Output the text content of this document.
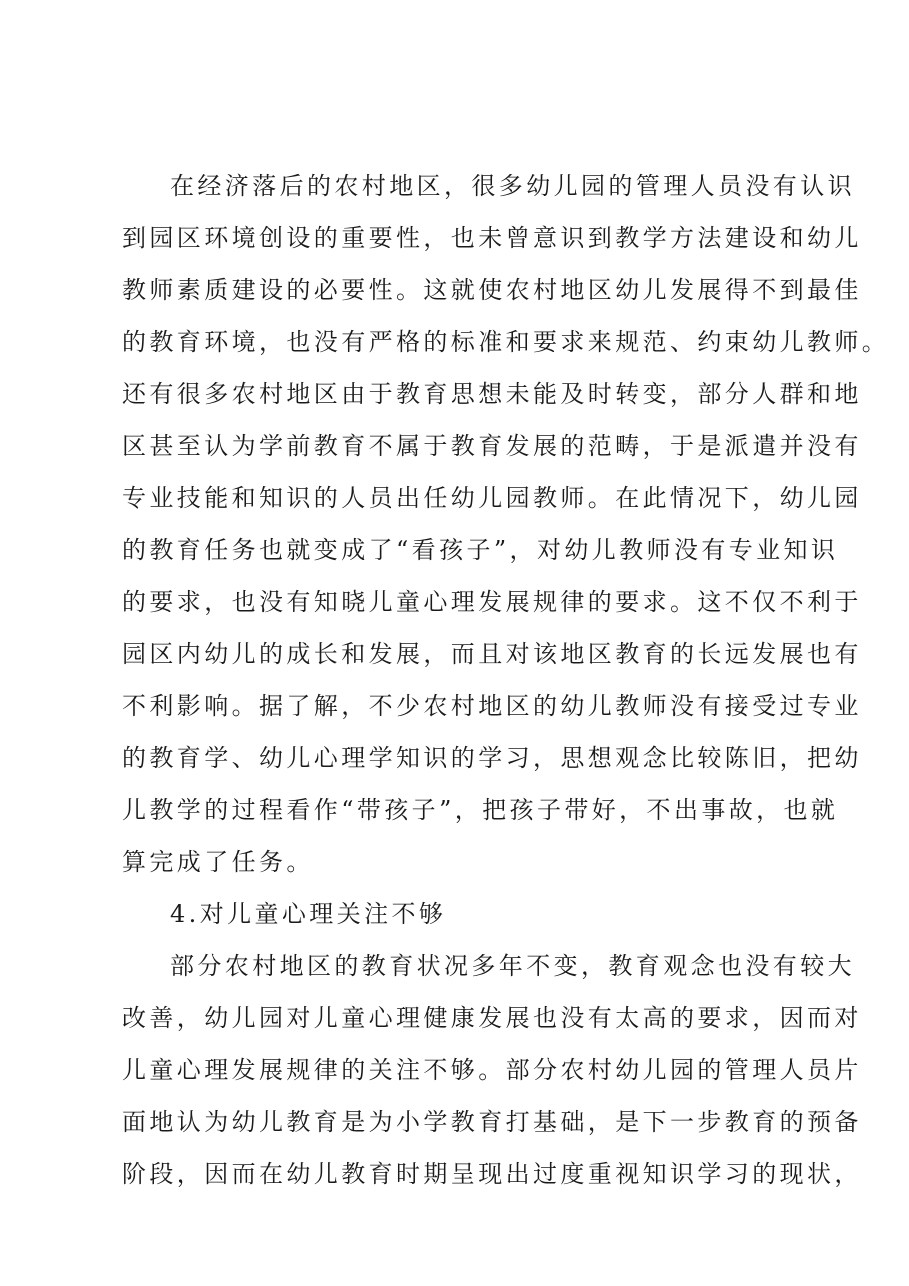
在经济落后的农村地区，很多幼儿园的管理人员没有认识
到园区环境创设的重要性，也未曾意识到教学方法建设和幼儿
教师素质建设的必要性。这就使农村地区幼儿发展得不到最佳
的教育环境，也没有严格的标准和要求来规范、约束幼儿教师。
还有很多农村地区由于教育思想未能及时转变，部分人群和地
区甚至认为学前教育不属于教育发展的范畴，于是派遣并没有
专业技能和知识的人员出任幼儿园教师。在此情况下，幼儿园
的教育任务也就变成了“看孩子”，对幼儿教师没有专业知识
的要求，也没有知晓儿童心理发展规律的要求。这不仅不利于
园区内幼儿的成长和发展，而且对该地区教育的长远发展也有
不利影响。据了解，不少农村地区的幼儿教师没有接受过专业
的教育学、幼儿心理学知识的学习，思想观念比较陈旧，把幼
儿教学的过程看作“带孩子”，把孩子带好，不出事故，也就
算完成了任务。
4.对儿童心理关注不够
部分农村地区的教育状况多年不变，教育观念也没有较大
改善，幼儿园对儿童心理健康发展也没有太高的要求，因而对
儿童心理发展规律的关注不够。部分农村幼儿园的管理人员片
面地认为幼儿教育是为小学教育打基础，是下一步教育的预备
阶段，因而在幼儿教育时期呈现出过度重视知识学习的现状，
